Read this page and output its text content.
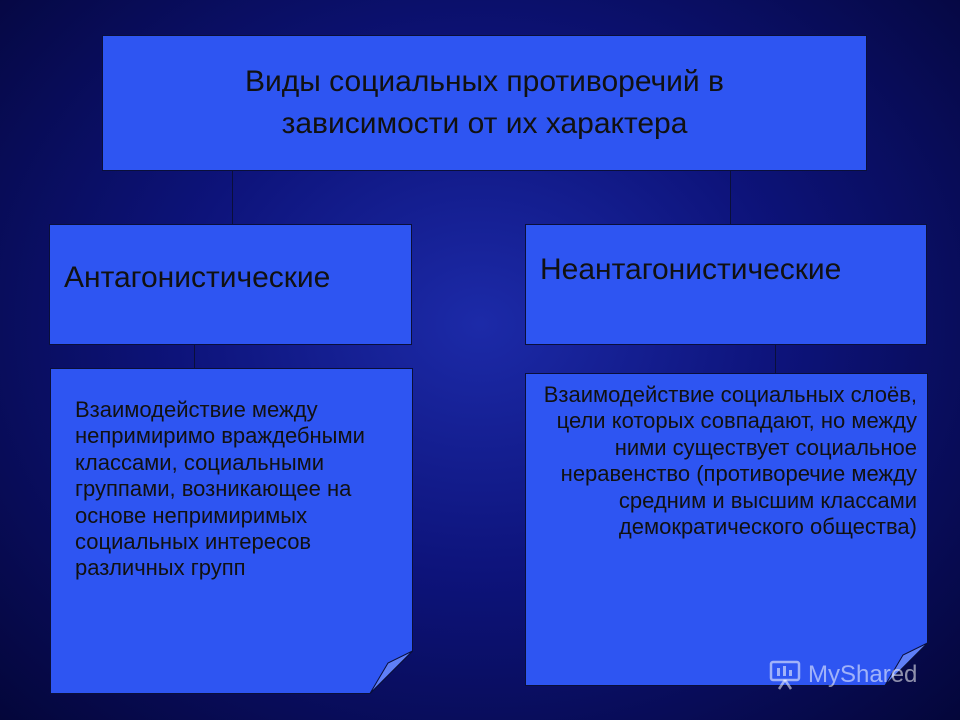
Виды социальных противоречий в зависимости от их характера
Антагонистические	Неантагонистические
Взаимодействие между непримиримо враждебными классами, социальными группами, возникающее на основе непримиримых социальных интересов различных групп
Взаимодействие социальных слоёв, цели которых совпадают, но между ними существует социальное неравенство (противоречие между средним и высшим классами демократического общества)
MyShared
